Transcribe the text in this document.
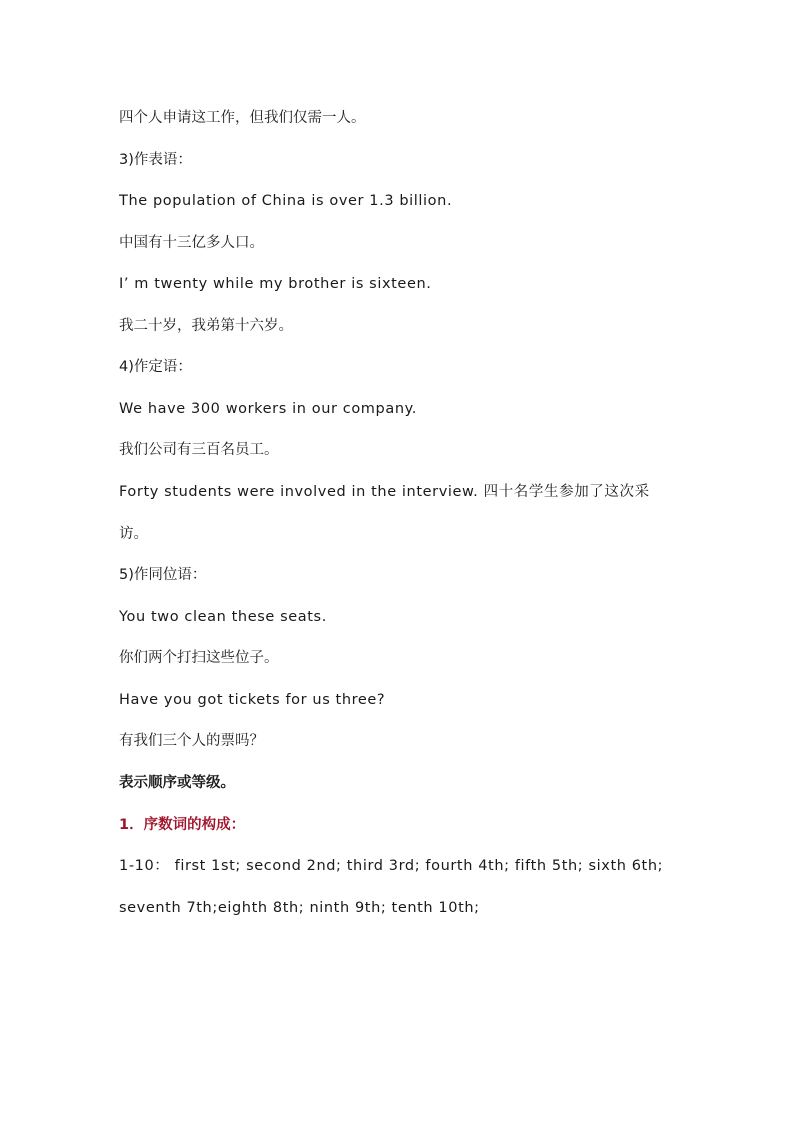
四个人申请这工作，但我们仅需一人。
3)作表语：
The population of China is over 1.3 billion.
中国有十三亿多人口。
I’ m twenty while my brother is sixteen.
我二十岁，我弟第十六岁。
4)作定语：
We have 300 workers in our company.
我们公司有三百名员工。
Forty students were involved in the interview. 四十名学生参加了这次采
访。
5)作同位语：
You two clean these seats.
你们两个打扫这些位子。
Have you got tickets for us three?
有我们三个人的票吗？
表示顺序或等级。
1．序数词的构成：
1-10： first 1st; second 2nd; third 3rd; fourth 4th; fifth 5th; sixth 6th;
seventh 7th;eighth 8th; ninth 9th; tenth 10th;
